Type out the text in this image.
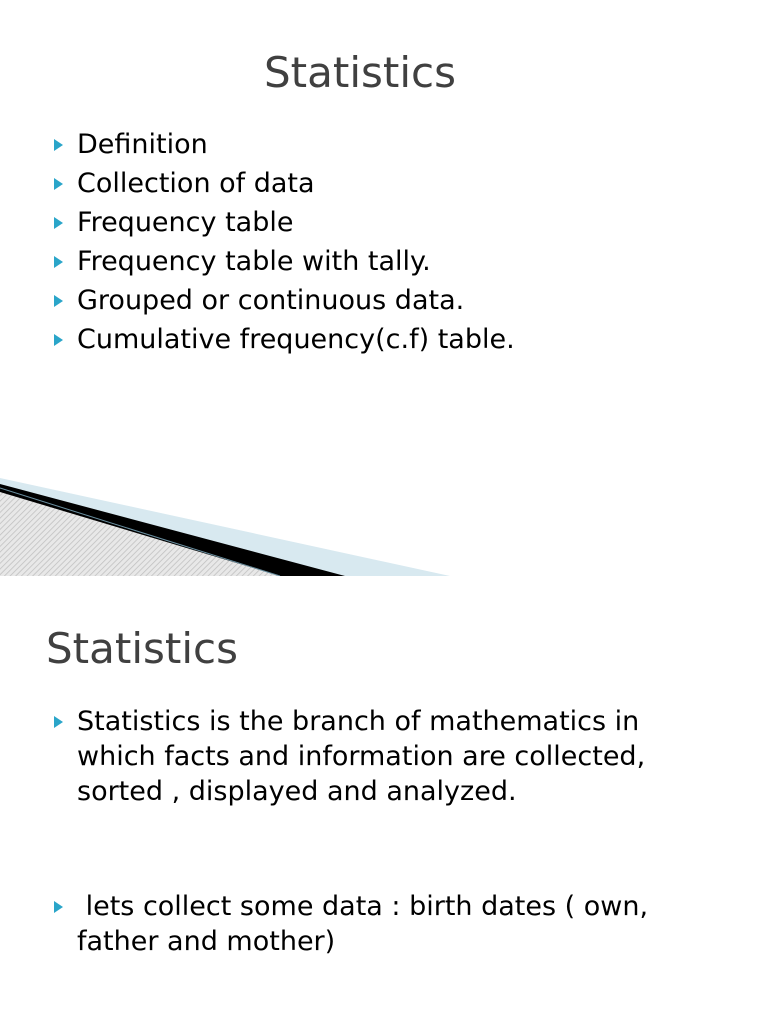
Statistics
Definition
Collection of data
Frequency table
Frequency table with tally.
Grouped or continuous data.
Cumulative frequency(c.f) table.
Statistics
Statistics is the branch of mathematics in which facts and information are collected, sorted , displayed and analyzed.
lets collect some data : birth dates ( own, father and mother)
